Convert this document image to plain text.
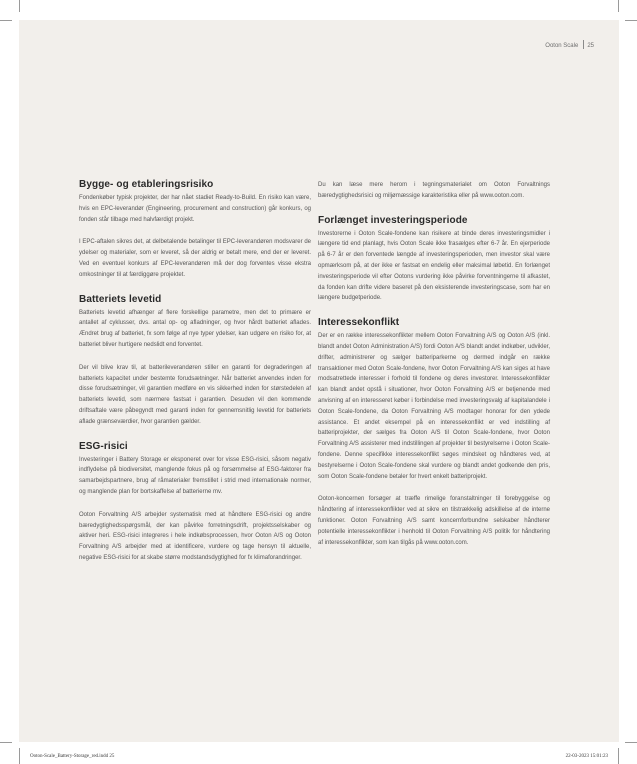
Ooton Scale 25
Bygge- og etableringsrisiko

Fondenkøber typisk projekter, der har nået stadiet Ready-to-Build. En risiko kan være, hvis en EPC-leverandør (Engineering, procurement and construction) går konkurs, og fonden står tilbage med halvfærdigt projekt.

I EPC-aftalen sikres det, at delbetalende betalinger til EPC-leverandøren modsvarer de ydelser og materialer, som er leveret, så der aldrig er betalt mere, end der er leveret. Ved en eventuel konkurs af EPC-leverandøren må der dog forventes visse ekstra omkostninger til at færdiggøre projektet.

Batteriets levetid

Batteriets levetid afhænger af flere forskellige parametre, men det to primære er antallet af cyklusser, dvs. antal op- og afladninger, og hvor hårdt batteriet aflades. Ændret brug af batteriet, fx som følge af nye typer ydelser, kan udgøre en risiko for, at batteriet bliver hurtigere nedslidt end forventet.

Der vil blive krav til, at batterileverandøren stiller en garanti for degraderingen af batteriets kapacitet under bestemte forudsætninger. Når batteriet anvendes inden for disse forudsætninger, vil garantien medføre en vis sikkerhed inden for størstedelen af batteriets levetid, som nærmere fastsat i garantien. Desuden vil den kommende driftsaftale være påbegyndt med garanti inden for gennemsnitlig levetid for batteriets aflade grænseværdier, hvor garantien gælder.

ESG-risici

Investeringer i Battery Storage er eksponeret over for visse ESG-risici, såsom negativ indflydelse på biodiversitet, manglende fokus på og forsømmelse af ESG-faktorer fra samarbejdspartnere, brug af råmaterialer fremstillet i strid med internationale normer, og manglende plan for bortskaffelse af batterierne mv.

Ooton Forvaltning A/S arbejder systematisk med at håndtere ESG-risici og andre bæredygtighedsspørgsmål, der kan påvirke forretningsdrift, projektsselskaber og aktiver heri. ESG-risici integreres i hele indkøbsprocessen, hvor Ooton A/S og Ooton Forvaltning A/S arbejder med at identificere, vurdere og tage hensyn til aktuelle, negative ESG-risici for at skabe større modstandsdygtighed for fx klimaforandringer.

Du kan læse mere herom i tegningsmaterialet om Ooton Forvaltnings bæredygtighedsrisici og miljømæssige karakteristika eller på www.ooton.com.

Forlænget investeringsperiode

Investorerne i Ooton Scale-fondene kan risikere at binde deres investeringsmidler i længere tid end planlagt, hvis Ooton Scale ikke frasælges efter 6-7 år. En ejerperiode på 6-7 år er den forventede længde af investeringsperioden, men investor skal være opmærksom på, at der ikke er fastsat en endelig eller maksimal løbetid. En forlænget investeringsperiode vil efter Ootons vurdering ikke påvirke forventningerne til afkastet, da fonden kan drifte videre baseret på den eksisterende investeringscase, som har en længere budgetperiode.

Interessekonflikt

Der er en række interessekonflikter mellem Ooton Forvaltning A/S og Ooton A/S (inkl. blandt andet Ooton Administration A/S) fordi Ooton A/S blandt andet indkøber, udvikler, drifter, administrerer og sælger batteriparkerne og dermed indgår en række transaktioner med Ooton Scale-fondene, hvor Ooton Forvaltning A/S kan siges at have modsatrettede interesser i forhold til fondene og deres investorer. Interessekonflikter kan blandt andet opstå i situationer, hvor Ooton Forvaltning A/S er betjenende med anvisning af en interesseret køber i forbindelse med investeringsvalg af kapitalandele i Ooton Scale-fondene, da Ooton Forvaltning A/S modtager honorar for den ydede assistance. Et andet eksempel på en interessekonflikt er ved indstilling af batteriprojekter, der sælges fra Ooton A/S til Ooton Scale-fondene, hvor Ooton Forvaltning A/S assisterer med indstillingen af projekter til bestyrelserne i Ooton Scale-fondene. Denne specifikke interessekonflikt søges mindsket og håndteres ved, at bestyrelserne i Ooton Scale-fondene skal vurdere og blandt andet godkende den pris, som Ooton Scale-fondene betaler for hvert enkelt batteriprojekt.

Ooton-koncernen forsøger at træffe rimelige foranstaltninger til forebyggelse og håndtering af interessekonflikter ved at sikre en tilstrækkelig adskillelse af de interne funktioner. Ooton Forvaltning A/S samt koncernforbundne selskaber håndterer potentielle interessekonflikter i henhold til Ooton Forvaltning A/S politik for håndtering af interessekonflikter, som kan tilgås på www.ooton.com.

Ooton-Scale_Battery-Storage_red.indd 25	22-03-2023 15:01:23
